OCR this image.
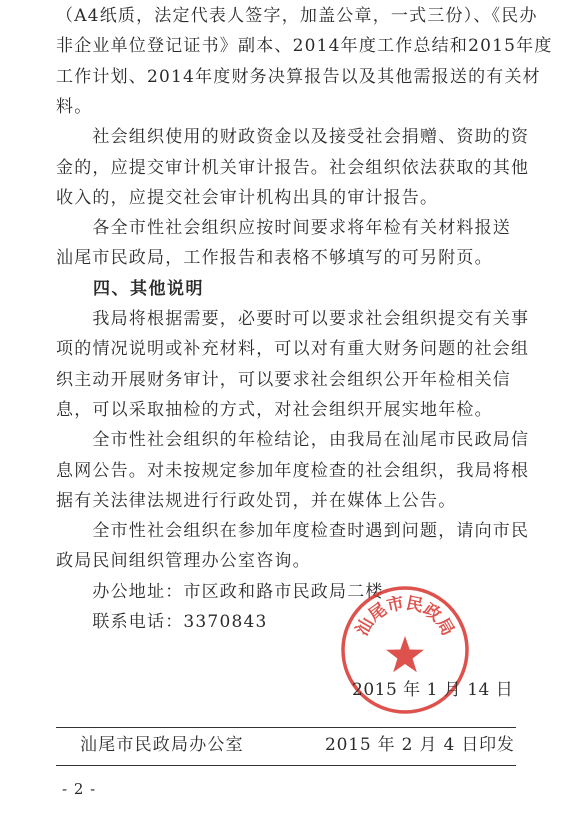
（A4纸质，法定代表人签字，加盖公章，一式三份）、《民办
非企业单位登记证书》副本、2014年度工作总结和2015年度
工作计划、2014年度财务决算报告以及其他需报送的有关材
料。
　　社会组织使用的财政资金以及接受社会捐赠、资助的资
金的，应提交审计机关审计报告。社会组织依法获取的其他
收入的，应提交社会审计机构出具的审计报告。
　　各全市性社会组织应按时间要求将年检有关材料报送
汕尾市民政局，工作报告和表格不够填写的可另附页。
　　四、其他说明
　　我局将根据需要，必要时可以要求社会组织提交有关事
项的情况说明或补充材料，可以对有重大财务问题的社会组
织主动开展财务审计，可以要求社会组织公开年检相关信
息，可以采取抽检的方式，对社会组织开展实地年检。
　　全市性社会组织的年检结论，由我局在汕尾市民政局信
息网公告。对未按规定参加年度检查的社会组织，我局将根
据有关法律法规进行行政处罚，并在媒体上公告。
　　全市性社会组织在参加年度检查时遇到问题，请向市民
政局民间组织管理办公室咨询。
　　办公地址：市区政和路市民政局二楼
　　联系电话：3370843	汕
尾
市
民
政
局
2015 年 1 月 14 日
汕尾市民政局办公室	2015 年 2 月 4 日印发
- 2 -
